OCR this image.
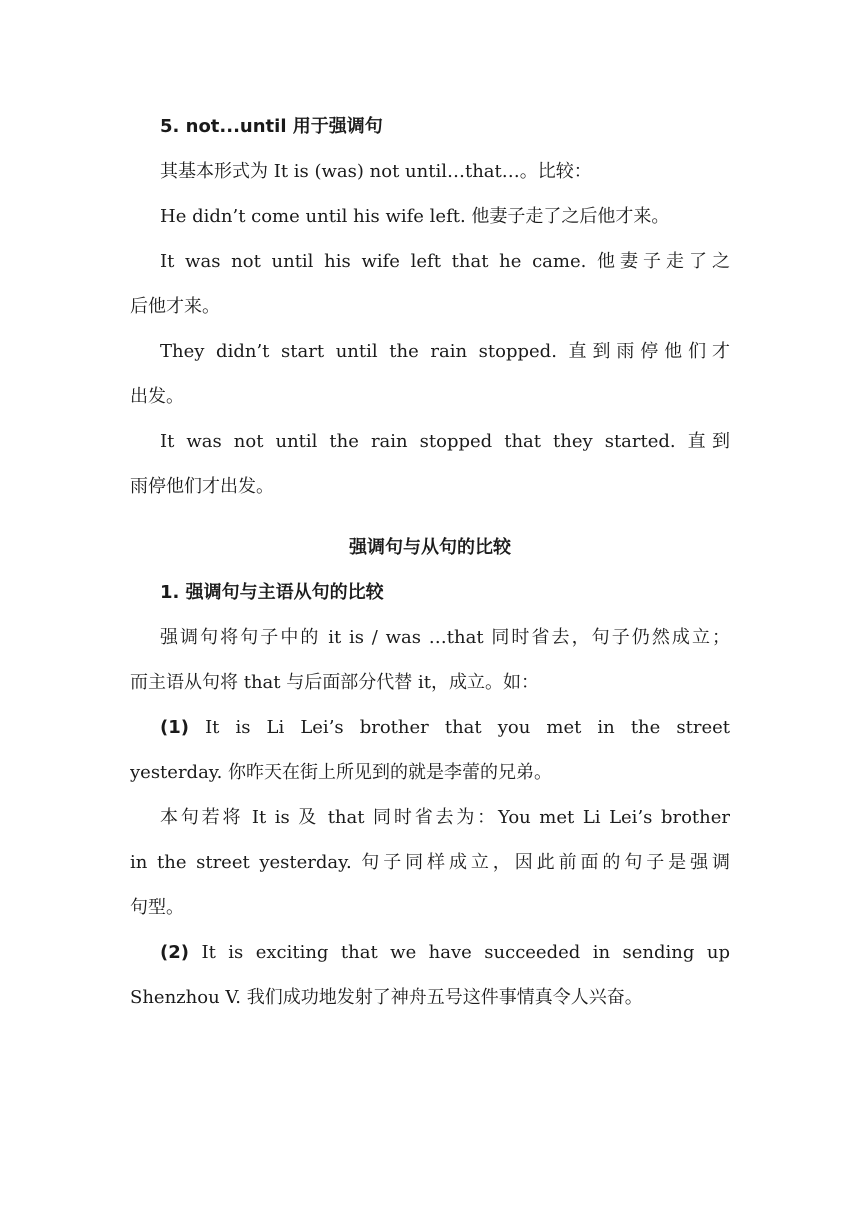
5. not...until 用于强调句
其基本形式为 It is (was) not until…that…。比较：
He didn’t come until his wife left. 他妻子走了之后他才来。
It was not until his wife left that he came. 他妻子走了之
后他才来。
They didn’t start until the rain stopped. 直到雨停他们才
出发。
It was not until the rain stopped that they started. 直到
雨停他们才出发。
强调句与从句的比较
1. 强调句与主语从句的比较
强调句将句子中的 it is / was …that 同时省去，句子仍然成立；
而主语从句将 that 与后面部分代替 it，成立。如：
(1) It is Li Lei’s brother that you met in the street
yesterday. 你昨天在街上所见到的就是李蕾的兄弟。
本句若将 It is 及 that 同时省去为：You met Li Lei’s brother
in the street yesterday. 句子同样成立，因此前面的句子是强调
句型。
(2) It is exciting that we have succeeded in sending up
Shenzhou V. 我们成功地发射了神舟五号这件事情真令人兴奋。
